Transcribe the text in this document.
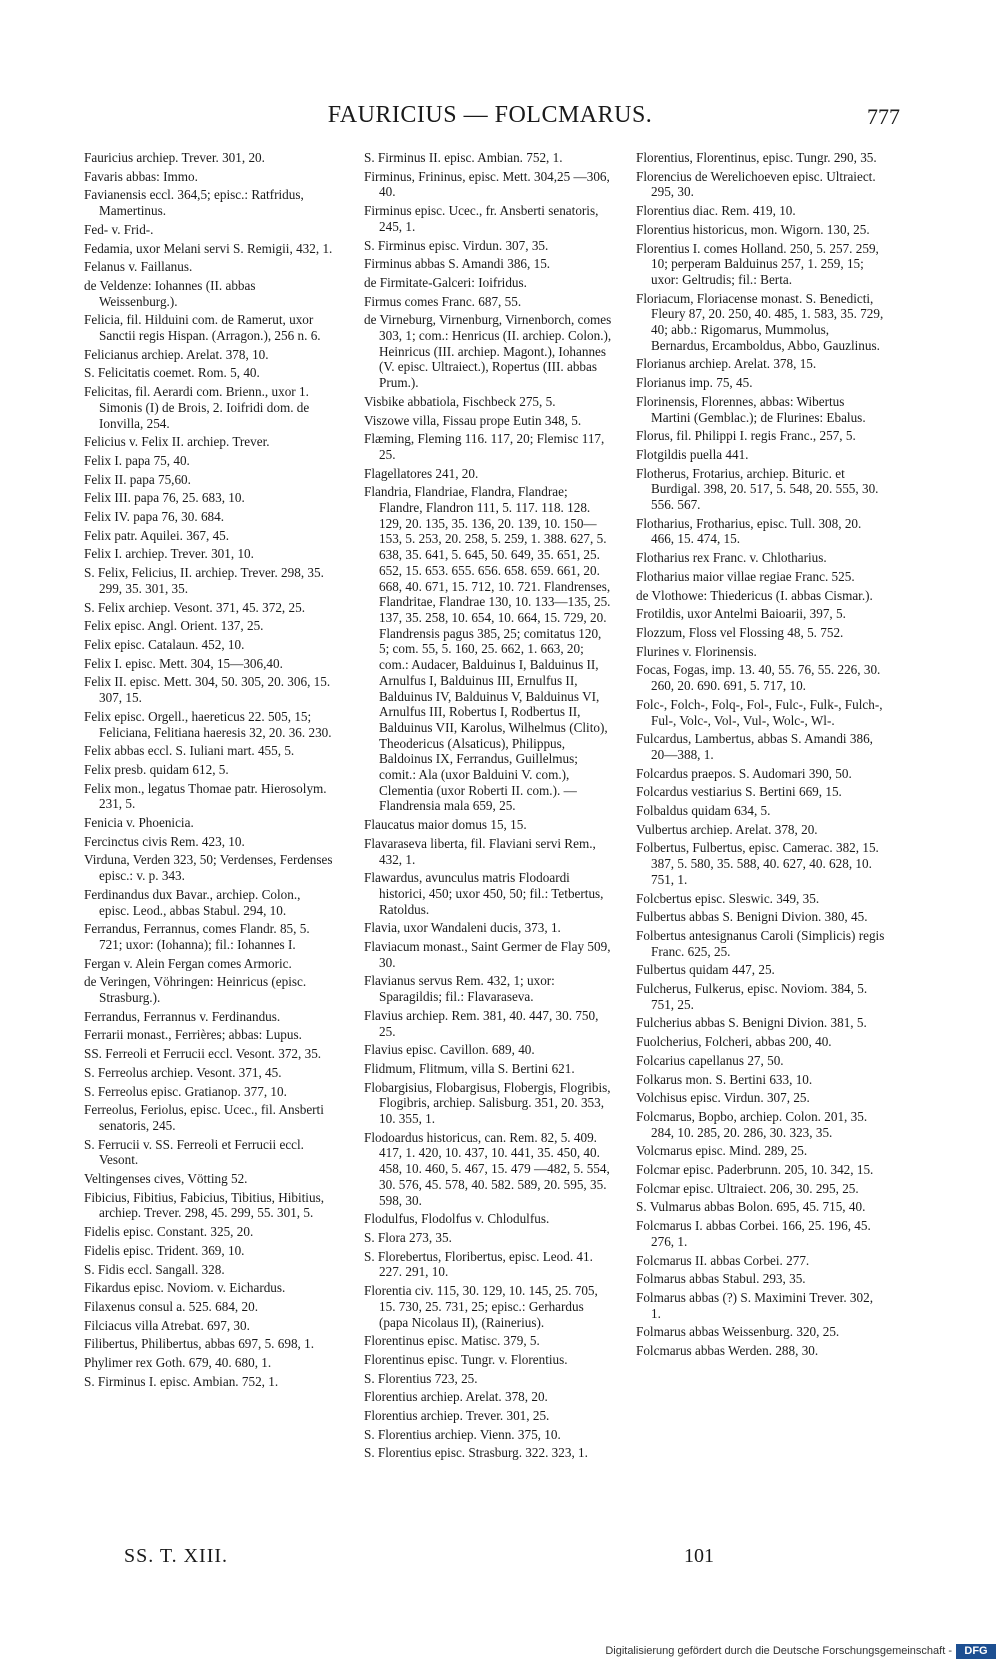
FAURICIUS — FOLCMARUS.	777

Fauricius archiep. Trever. 301, 20.

Favaris abbas: Immo.

Favianensis eccl. 364,5; episc.: Ratfridus, Mamertinus.

Fed- v. Frid-.

Fedamia, uxor Melani servi S. Remigii, 432, 1.

Felanus v. Faillanus.

de Veldenze: Iohannes (II. abbas Weissenburg.).

Felicia, fil. Hilduini com. de Ramerut, uxor Sanctii regis Hispan. (Arragon.), 256 n. 6.

Felicianus archiep. Arelat. 378, 10.

S. Felicitatis coemet. Rom. 5, 40.

Felicitas, fil. Aerardi com. Brienn., uxor 1. Simonis (I) de Brois, 2. Ioifridi dom. de Ionvilla, 254.

Felicius v. Felix II. archiep. Trever.

Felix I. papa 75, 40.

Felix II. papa 75,60.

Felix III. papa 76, 25. 683, 10.

Felix IV. papa 76, 30. 684.

Felix patr. Aquilei. 367, 45.

Felix I. archiep. Trever. 301, 10.

S. Felix, Felicius, II. archiep. Trever. 298, 35. 299, 35. 301, 35.

S. Felix archiep. Vesont. 371, 45. 372, 25.

Felix episc. Angl. Orient. 137, 25.

Felix episc. Catalaun. 452, 10.

Felix I. episc. Mett. 304, 15—306,40.

Felix II. episc. Mett. 304, 50. 305, 20. 306, 15. 307, 15.

Felix episc. Orgell., haereticus 22. 505, 15; Feliciana, Felitiana haeresis 32, 20. 36. 230.

Felix abbas eccl. S. Iuliani mart. 455, 5.

Felix presb. quidam 612, 5.

Felix mon., legatus Thomae patr. Hierosolym. 231, 5.

Fenicia v. Phoenicia.

Fercinctus civis Rem. 423, 10.

Virduna, Verden 323, 50; Verdenses, Ferdenses episc.: v. p. 343.

Ferdinandus dux Bavar., archiep. Colon., episc. Leod., abbas Stabul. 294, 10.

Ferrandus, Ferrannus, comes Flandr. 85, 5. 721; uxor: (Iohanna); fil.: Iohannes I.

Fergan v. Alein Fergan comes Armoric.

de Veringen, Vöhringen: Heinricus (episc. Strasburg.).

Ferrandus, Ferrannus v. Ferdinandus.

Ferrarii monast., Ferrières; abbas: Lupus.

SS. Ferreoli et Ferrucii eccl. Vesont. 372, 35.

S. Ferreolus archiep. Vesont. 371, 45.

S. Ferreolus episc. Gratianop. 377, 10.

Ferreolus, Feriolus, episc. Ucec., fil. Ansberti senatoris, 245.

S. Ferrucii v. SS. Ferreoli et Ferrucii eccl. Vesont.

Veltingenses cives, Vötting 52.

Fibicius, Fibitius, Fabicius, Tibitius, Hibitius, archiep. Trever. 298, 45. 299, 55. 301, 5.

Fidelis episc. Constant. 325, 20.

Fidelis episc. Trident. 369, 10.

S. Fidis eccl. Sangall. 328.

Fikardus episc. Noviom. v. Eichardus.

Filaxenus consul a. 525. 684, 20.

Filciacus villa Atrebat. 697, 30.

Filibertus, Philibertus, abbas 697, 5. 698, 1.

Phylimer rex Goth. 679, 40. 680, 1.

S. Firminus I. episc. Ambian. 752, 1.

S. Firminus II. episc. Ambian. 752, 1.

Firminus, Frininus, episc. Mett. 304,25 —306, 40.

Firminus episc. Ucec., fr. Ansberti senatoris, 245, 1.

S. Firminus episc. Virdun. 307, 35.

Firminus abbas S. Amandi 386, 15.

de Firmitate-Galceri: Ioifridus.

Firmus comes Franc. 687, 55.

de Virneburg, Virnenburg, Virnenborch, comes 303, 1; com.: Henricus (II. archiep. Colon.), Heinricus (III. archiep. Magont.), Iohannes (V. episc. Ultraiect.), Ropertus (III. abbas Prum.).

Visbike abbatiola, Fischbeck 275, 5.

Viszowe villa, Fissau prope Eutin 348, 5.

Flæming, Fleming 116. 117, 20; Flemisc 117, 25.

Flagellatores 241, 20.

Flandria, Flandriae, Flandra, Flandrae; Flandre, Flandron 111, 5. 117. 118. 128. 129, 20. 135, 35. 136, 20. 139, 10. 150—153, 5. 253, 20. 258, 5. 259, 1. 388. 627, 5. 638, 35. 641, 5. 645, 50. 649, 35. 651, 25. 652, 15. 653. 655. 656. 658. 659. 661, 20. 668, 40. 671, 15. 712, 10. 721. Flandrenses, Flandritae, Flandrae 130, 10. 133—135, 25. 137, 35. 258, 10. 654, 10. 664, 15. 729, 20. Flandrensis pagus 385, 25; comitatus 120, 5; com. 55, 5. 160, 25. 662, 1. 663, 20; com.: Audacer, Balduinus I, Balduinus II, Arnulfus I, Balduinus III, Ernulfus II, Balduinus IV, Balduinus V, Balduinus VI, Arnulfus III, Robertus I, Rodbertus II, Balduinus VII, Karolus, Wilhelmus (Clito), Theodericus (Alsaticus), Philippus, Baldoinus IX, Ferrandus, Guillelmus; comit.: Ala (uxor Balduini V. com.), Clementia (uxor Roberti II. com.). — Flandrensia mala 659, 25.

Flaucatus maior domus 15, 15.

Flavaraseva liberta, fil. Flaviani servi Rem., 432, 1.

Flawardus, avunculus matris Flodoardi historici, 450; uxor 450, 50; fil.: Tetbertus, Ratoldus.

Flavia, uxor Wandaleni ducis, 373, 1.

Flaviacum monast., Saint Germer de Flay 509, 30.

Flavianus servus Rem. 432, 1; uxor: Sparagildis; fil.: Flavaraseva.

Flavius archiep. Rem. 381, 40. 447, 30. 750, 25.

Flavius episc. Cavillon. 689, 40.

Flidmum, Flitmum, villa S. Bertini 621.

Flobargisius, Flobargisus, Flobergis, Flogribis, Flogibris, archiep. Salisburg. 351, 20. 353, 10. 355, 1.

Flodoardus historicus, can. Rem. 82, 5. 409. 417, 1. 420, 10. 437, 10. 441, 35. 450, 40. 458, 10. 460, 5. 467, 15. 479 —482, 5. 554, 30. 576, 45. 578, 40. 582. 589, 20. 595, 35. 598, 30.

Flodulfus, Flodolfus v. Chlodulfus.

S. Flora 273, 35.

S. Florebertus, Floribertus, episc. Leod. 41. 227. 291, 10.

Florentia civ. 115, 30. 129, 10. 145, 25. 705, 15. 730, 25. 731, 25; episc.: Gerhardus (papa Nicolaus II), (Rainerius).

Florentinus episc. Matisc. 379, 5.

Florentinus episc. Tungr. v. Florentius.

S. Florentius 723, 25.

Florentius archiep. Arelat. 378, 20.

Florentius archiep. Trever. 301, 25.

S. Florentius archiep. Vienn. 375, 10.

S. Florentius episc. Strasburg. 322. 323, 1.

Florentius, Florentinus, episc. Tungr. 290, 35.

Florencius de Werelichoeven episc. Ultraiect. 295, 30.

Florentius diac. Rem. 419, 10.

Florentius historicus, mon. Wigorn. 130, 25.

Florentius I. comes Holland. 250, 5. 257. 259, 10; perperam Balduinus 257, 1. 259, 15; uxor: Geltrudis; fil.: Berta.

Floriacum, Floriacense monast. S. Benedicti, Fleury 87, 20. 250, 40. 485, 1. 583, 35. 729, 40; abb.: Rigomarus, Mummolus, Bernardus, Ercamboldus, Abbo, Gauzlinus.

Florianus archiep. Arelat. 378, 15.

Florianus imp. 75, 45.

Florinensis, Florennes, abbas: Wibertus Martini (Gemblac.); de Flurines: Ebalus.

Florus, fil. Philippi I. regis Franc., 257, 5.

Flotgildis puella 441.

Flotherus, Frotarius, archiep. Bituric. et Burdigal. 398, 20. 517, 5. 548, 20. 555, 30. 556. 567.

Flotharius, Frotharius, episc. Tull. 308, 20. 466, 15. 474, 15.

Flotharius rex Franc. v. Chlotharius.

Flotharius maior villae regiae Franc. 525.

de Vlothowe: Thiedericus (I. abbas Cismar.).

Frotildis, uxor Antelmi Baioarii, 397, 5.

Flozzum, Floss vel Flossing 48, 5. 752.

Flurines v. Florinensis.

Focas, Fogas, imp. 13. 40, 55. 76, 55. 226, 30. 260, 20. 690. 691, 5. 717, 10.

Folc-, Folch-, Folq-, Fol-, Fulc-, Fulk-, Fulch-, Ful-, Volc-, Vol-, Vul-, Wolc-, Wl-.

Fulcardus, Lambertus, abbas S. Amandi 386, 20—388, 1.

Folcardus praepos. S. Audomari 390, 50.

Folcardus vestiarius S. Bertini 669, 15.

Folbaldus quidam 634, 5.

Vulbertus archiep. Arelat. 378, 20.

Folbertus, Fulbertus, episc. Camerac. 382, 15. 387, 5. 580, 35. 588, 40. 627, 40. 628, 10. 751, 1.

Folcbertus episc. Sleswic. 349, 35.

Fulbertus abbas S. Benigni Divion. 380, 45.

Folbertus antesignanus Caroli (Simplicis) regis Franc. 625, 25.

Fulbertus quidam 447, 25.

Fulcherus, Fulkerus, episc. Noviom. 384, 5. 751, 25.

Fulcherius abbas S. Benigni Divion. 381, 5.

Fuolcherius, Folcheri, abbas 200, 40.

Folcarius capellanus 27, 50.

Folkarus mon. S. Bertini 633, 10.

Volchisus episc. Virdun. 307, 25.

Folcmarus, Bopbo, archiep. Colon. 201, 35. 284, 10. 285, 20. 286, 30. 323, 35.

Volcmarus episc. Mind. 289, 25.

Folcmar episc. Paderbrunn. 205, 10. 342, 15.

Folcmar episc. Ultraiect. 206, 30. 295, 25.

S. Vulmarus abbas Bolon. 695, 45. 715, 40.

Folcmarus I. abbas Corbei. 166, 25. 196, 45. 276, 1.

Folcmarus II. abbas Corbei. 277.

Folmarus abbas Stabul. 293, 35.

Folmarus abbas (?) S. Maximini Trever. 302, 1.

Folmarus abbas Weissenburg. 320, 25.

Folcmarus abbas Werden. 288, 30.

SS. T. XIII.	101
Digitalisierung gefördert durch die Deutsche Forschungsgemeinschaft -	DFG
